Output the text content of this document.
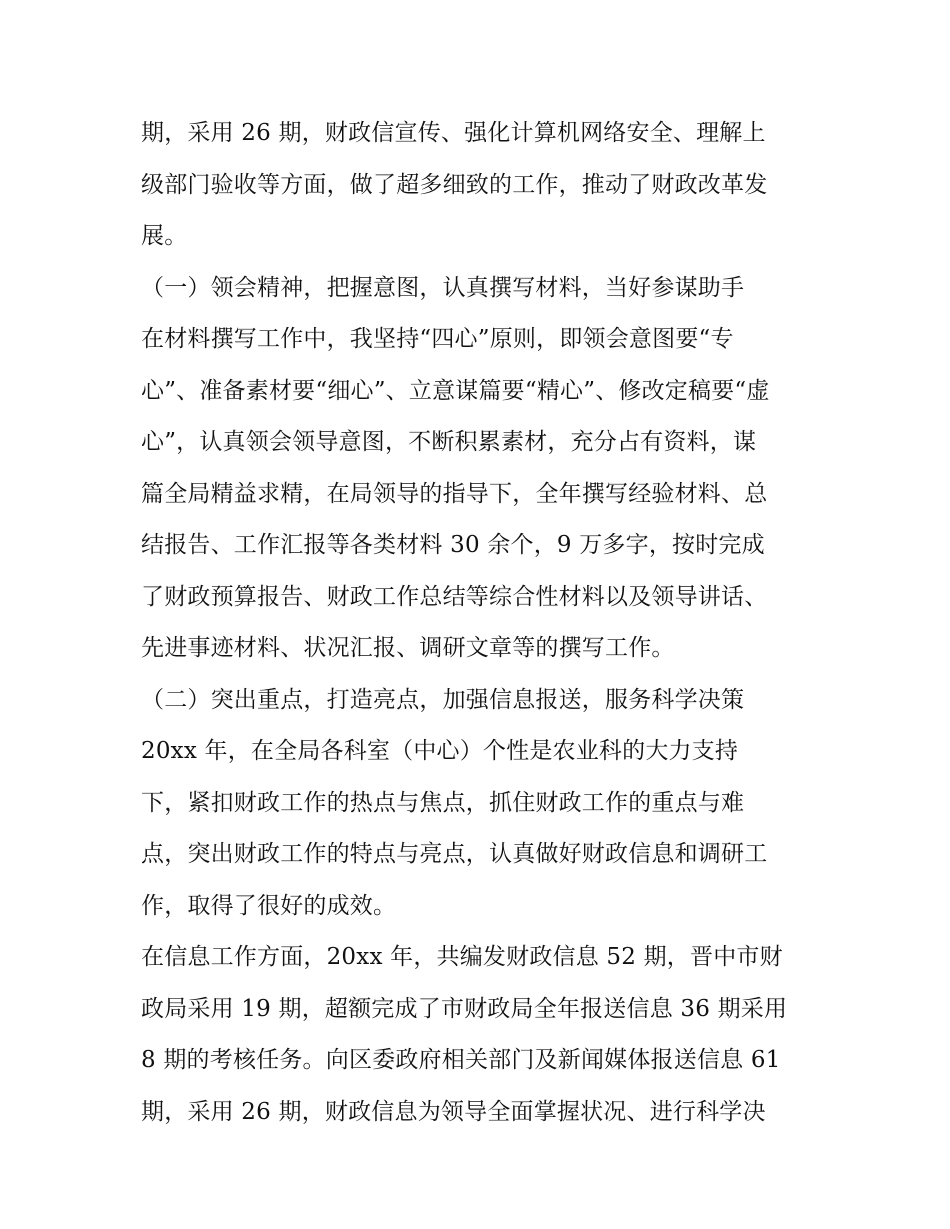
期，采用 26 期，财政信宣传、强化计算机网络安全、理解上
级部门验收等方面，做了超多细致的工作，推动了财政改革发
展。
（一）领会精神，把握意图，认真撰写材料，当好参谋助手
在材料撰写工作中，我坚持“四心”原则，即领会意图要“专
心”、准备素材要“细心”、立意谋篇要“精心”、修改定稿要“虚
心”，认真领会领导意图，不断积累素材，充分占有资料，谋
篇全局精益求精，在局领导的指导下，全年撰写经验材料、总
结报告、工作汇报等各类材料 30 余个，9 万多字，按时完成
了财政预算报告、财政工作总结等综合性材料以及领导讲话、
先进事迹材料、状况汇报、调研文章等的撰写工作。
（二）突出重点，打造亮点，加强信息报送，服务科学决策
20xx 年，在全局各科室（中心）个性是农业科的大力支持
下，紧扣财政工作的热点与焦点，抓住财政工作的重点与难
点，突出财政工作的特点与亮点，认真做好财政信息和调研工
作，取得了很好的成效。
在信息工作方面，20xx 年，共编发财政信息 52 期，晋中市财
政局采用 19 期，超额完成了市财政局全年报送信息 36 期采用
8 期的考核任务。向区委政府相关部门及新闻媒体报送信息 61
期，采用 26 期，财政信息为领导全面掌握状况、进行科学决
